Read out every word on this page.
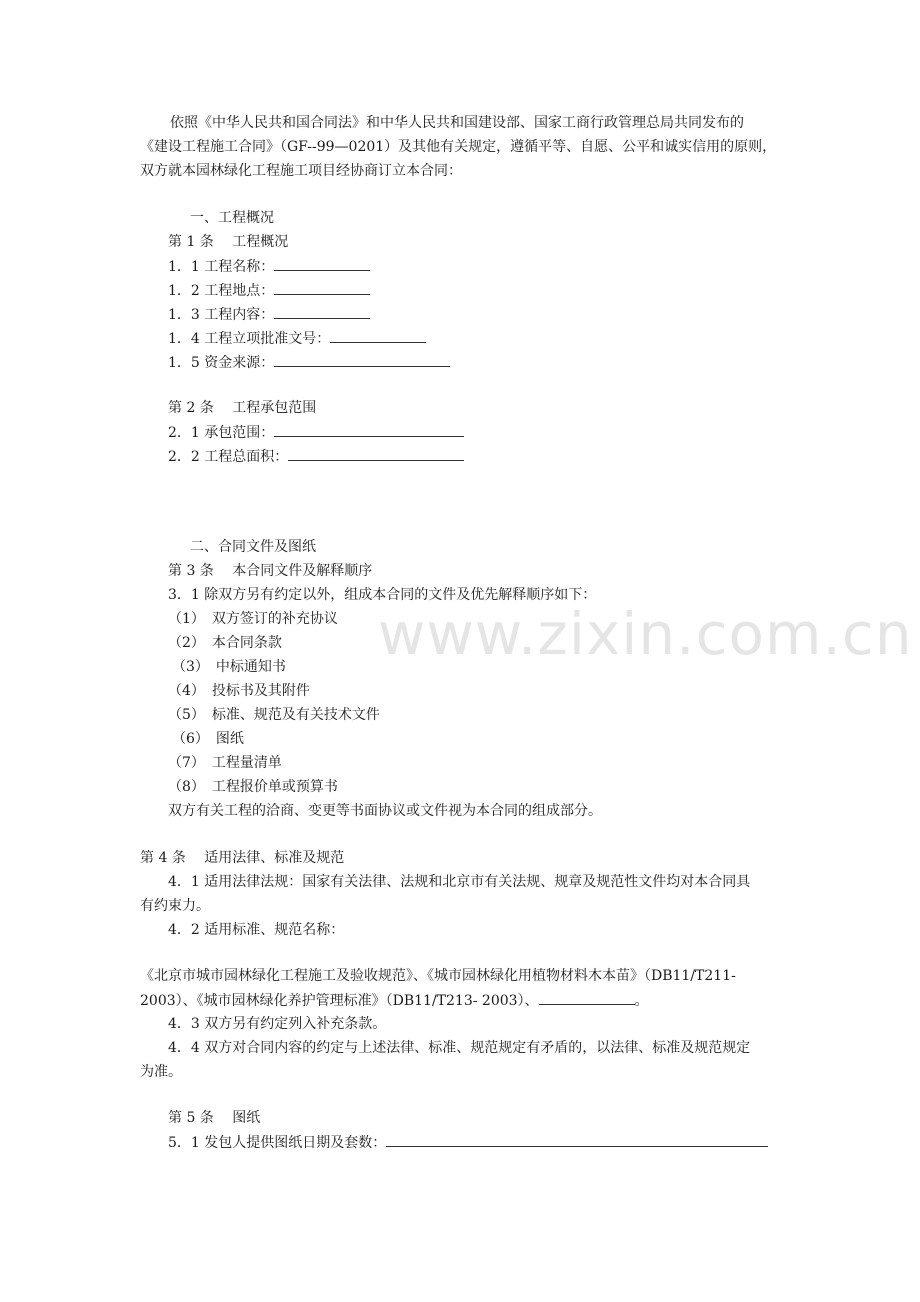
依照《中华人民共和国合同法》和中华人民共和国建设部、国家工商行政管理总局共同发布的
《建设工程施工合同》（GF--99—0201）及其他有关规定，遵循平等、自愿、公平和诚实信用的原则，
双方就本园林绿化工程施工项目经协商订立本合同：
一、工程概况
第 1 条　 工程概况
1．1 工程名称：
1．2 工程地点：
1．3 工程内容：
1．4 工程立项批准文号：
1．5 资金来源：
第 2 条　 工程承包范围
2．1 承包范围：
2．2 工程总面积：
二、合同文件及图纸
第 3 条　 本合同文件及解释顺序
3．1 除双方另有约定以外，组成本合同的文件及优先解释顺序如下：
（1）　双方签订的补充协议
（2）　本合同条款
（3）　中标通知书
（4）　投标书及其附件
（5）　标准、规范及有关技术文件
（6）　图纸
（7）　工程量清单
（8）　工程报价单或预算书
双方有关工程的洽商、变更等书面协议或文件视为本合同的组成部分。
第 4 条　 适用法律、标准及规范
4．1 适用法律法规：国家有关法律、法规和北京市有关法规、规章及规范性文件均对本合同具
有约束力。
4．2 适用标准、规范名称：
《北京市城市园林绿化工程施工及验收规范》、《城市园林绿化用植物材料木本苗》（DB11/T211-
2003）、《城市园林绿化养护管理标准》（DB11/T213- 2003）、	。
4．3 双方另有约定列入补充条款。
4．4 双方对合同内容的约定与上述法律、标准、规范规定有矛盾的，以法律、标准及规范规定
为准。
第 5 条　 图纸
5．1 发包人提供图纸日期及套数：
www.zixin.com.cn
